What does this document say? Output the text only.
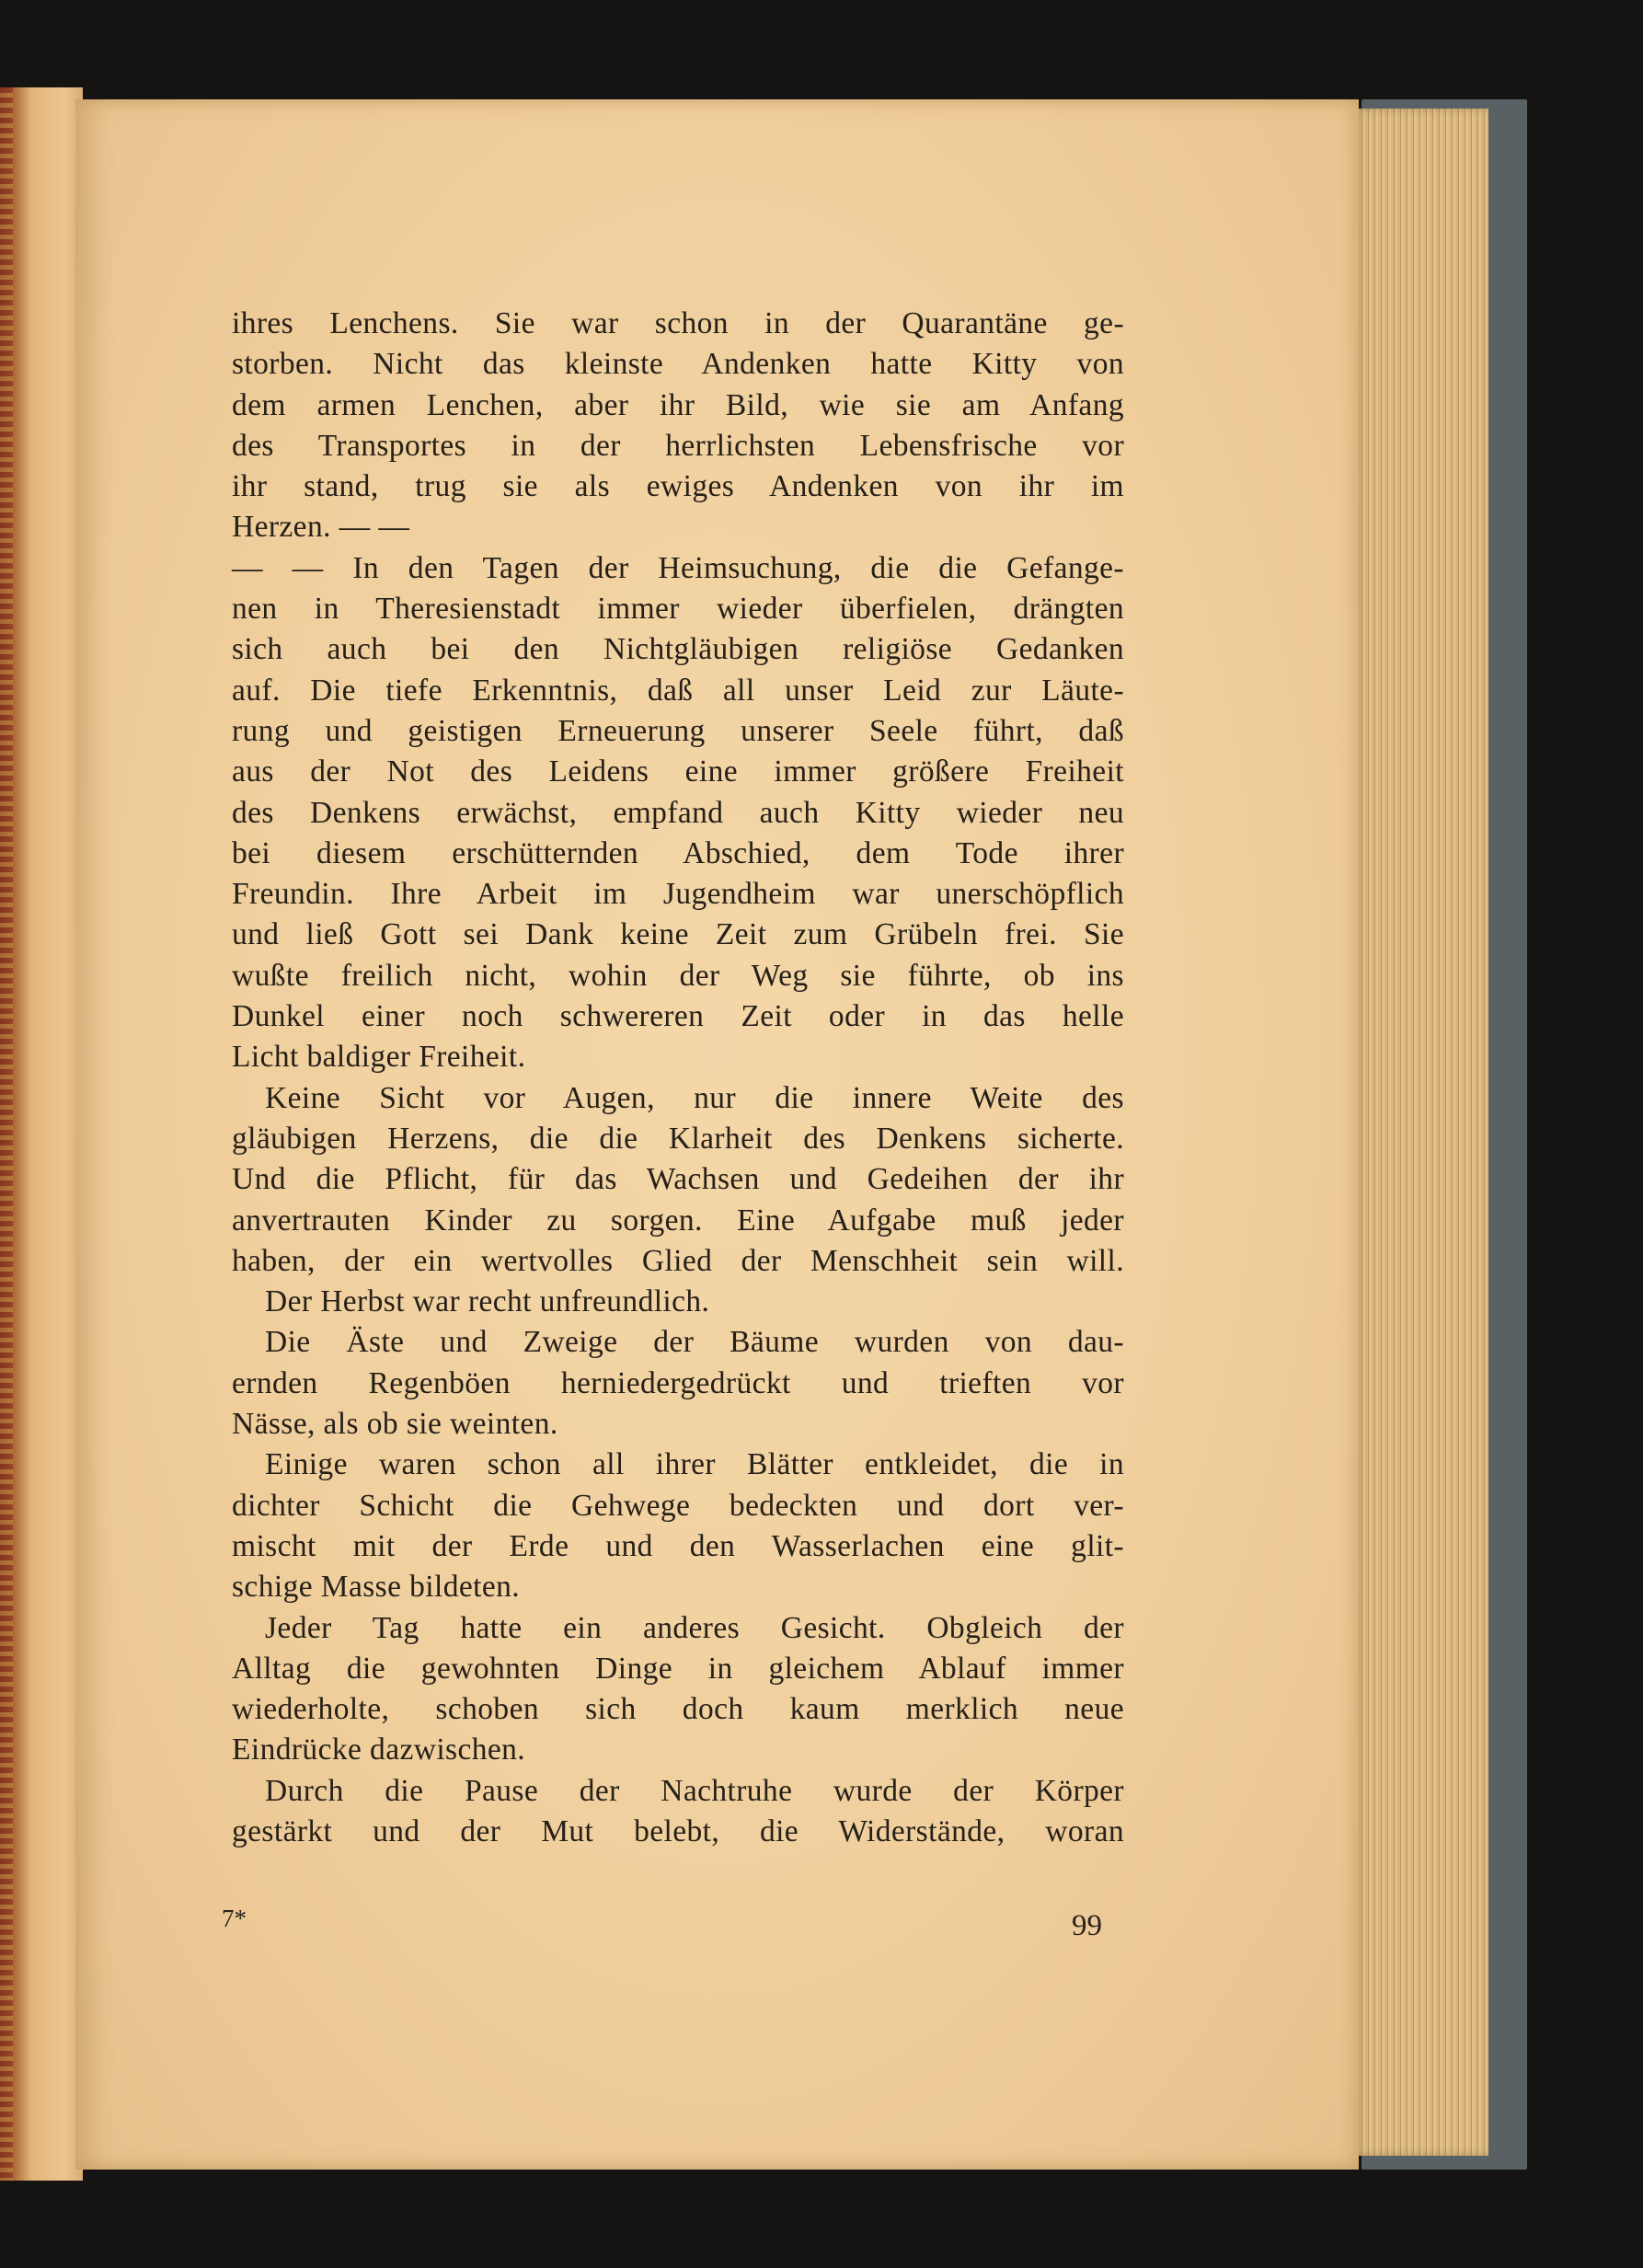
ihres Lenchens. Sie war schon in der Quarantäne ge-
storben. Nicht das kleinste Andenken hatte Kitty von
dem armen Lenchen, aber ihr Bild, wie sie am Anfang
des Transportes in der herrlichsten Lebensfrische vor
ihr stand, trug sie als ewiges Andenken von ihr im
Herzen. — —
— — In den Tagen der Heimsuchung, die die Gefange-
nen in Theresienstadt immer wieder überfielen, drängten
sich auch bei den Nichtgläubigen religiöse Gedanken
auf. Die tiefe Erkenntnis, daß all unser Leid zur Läute-
rung und geistigen Erneuerung unserer Seele führt, daß
aus der Not des Leidens eine immer größere Freiheit
des Denkens erwächst, empfand auch Kitty wieder neu
bei diesem erschütternden Abschied, dem Tode ihrer
Freundin. Ihre Arbeit im Jugendheim war unerschöpflich
und ließ Gott sei Dank keine Zeit zum Grübeln frei. Sie
wußte freilich nicht, wohin der Weg sie führte, ob ins
Dunkel einer noch schwereren Zeit oder in das helle
Licht baldiger Freiheit.
Keine Sicht vor Augen, nur die innere Weite des
gläubigen Herzens, die die Klarheit des Denkens sicherte.
Und die Pflicht, für das Wachsen und Gedeihen der ihr
anvertrauten Kinder zu sorgen. Eine Aufgabe muß jeder
haben, der ein wertvolles Glied der Menschheit sein will.
Der Herbst war recht unfreundlich.
Die Äste und Zweige der Bäume wurden von dau-
ernden Regenböen herniedergedrückt und trieften vor
Nässe, als ob sie weinten.
Einige waren schon all ihrer Blätter entkleidet, die in
dichter Schicht die Gehwege bedeckten und dort ver-
mischt mit der Erde und den Wasserlachen eine glit-
schige Masse bildeten.
Jeder Tag hatte ein anderes Gesicht. Obgleich der
Alltag die gewohnten Dinge in gleichem Ablauf immer
wiederholte, schoben sich doch kaum merklich neue
Eindrücke dazwischen.
Durch die Pause der Nachtruhe wurde der Körper
gestärkt und der Mut belebt, die Widerstände, woran
7*	99
